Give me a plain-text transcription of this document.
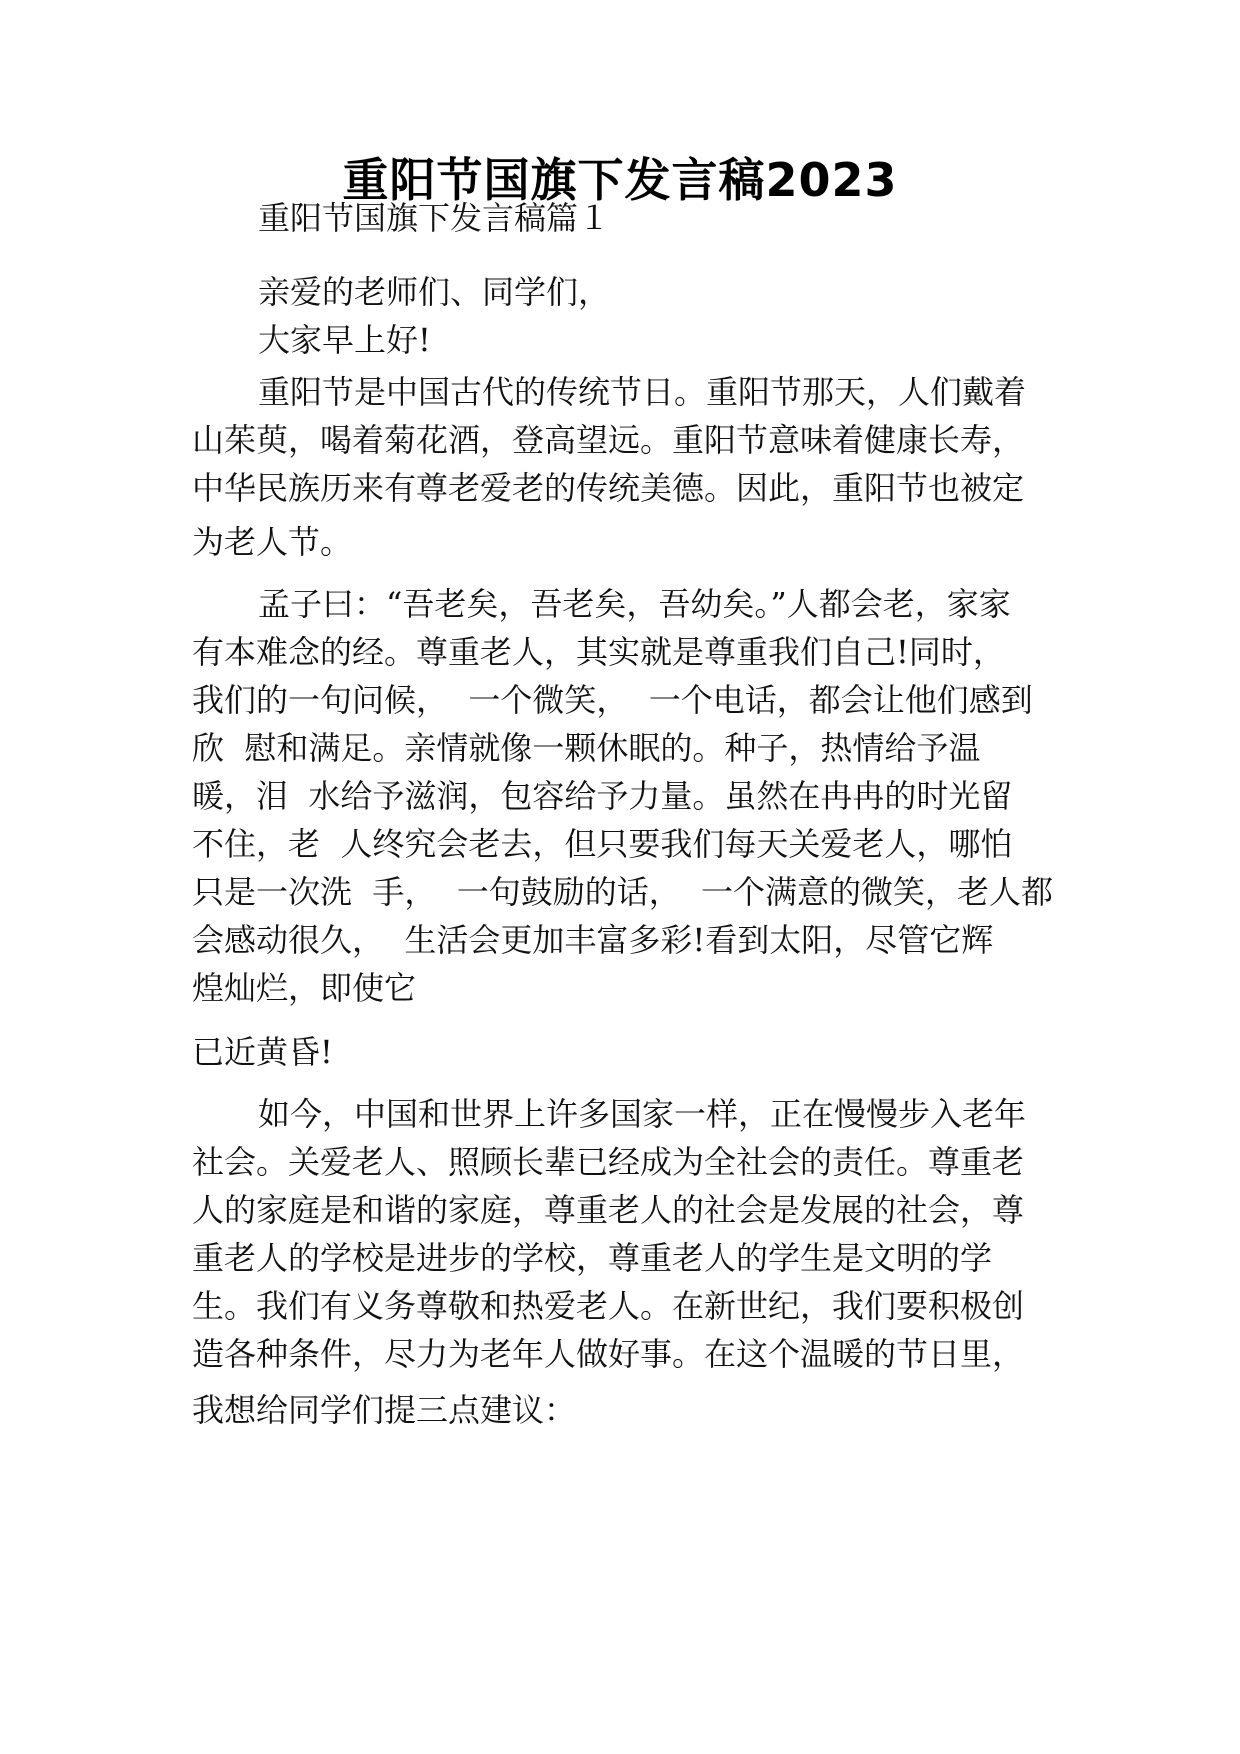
重阳节国旗下发言稿2023
重阳节国旗下发言稿篇１
亲爱的老师们、同学们，
大家早上好!
重阳节是中国古代的传统节日。重阳节那天，人们戴着
山茱萸，喝着菊花酒，登高望远。重阳节意味着健康长寿，
中华民族历来有尊老爱老的传统美德。因此，重阳节也被定
为老人节。
孟子曰：“吾老矣，吾老矣，吾幼矣。”人都会老，家家
有本难念的经。尊重老人，其实就是尊重我们自己!同时，
我们的一句问候，  一个微笑，  一个电话，都会让他们感到
欣  慰和满足。亲情就像一颗休眠的。种子，热情给予温
暖，泪  水给予滋润，包容给予力量。虽然在冉冉的时光留
不住，老  人终究会老去，但只要我们每天关爱老人，哪怕
只是一次洗  手，  一句鼓励的话，  一个满意的微笑，老人都
会感动很久，  生活会更加丰富多彩!看到太阳，尽管它辉
煌灿烂，即使它
已近黄昏!
如今，中国和世界上许多国家一样，正在慢慢步入老年
社会。关爱老人、照顾长辈已经成为全社会的责任。尊重老
人的家庭是和谐的家庭，尊重老人的社会是发展的社会，尊
重老人的学校是进步的学校，尊重老人的学生是文明的学
生。我们有义务尊敬和热爱老人。在新世纪，我们要积极创
造各种条件，尽力为老年人做好事。在这个温暖的节日里，
我想给同学们提三点建议：
